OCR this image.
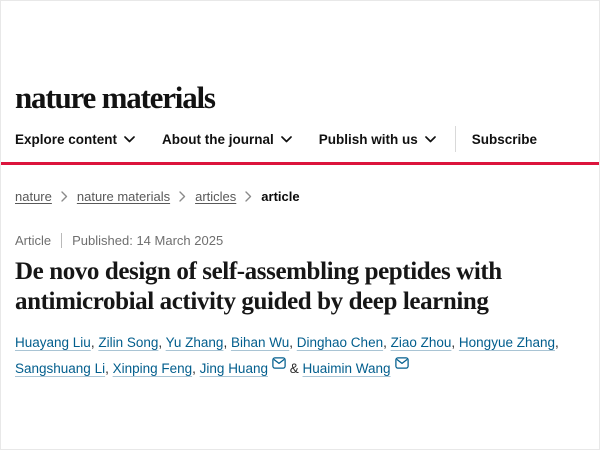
nature materials
Explore content	About the journal	Publish with us	Subscribe
nature nature materials articles article
Article Published: 14 March 2025
De novo design of self-assembling peptides with antimicrobial activity guided by deep learning
Huayang Liu, Zilin Song, Yu Zhang, Bihan Wu, Dinghao Chen, Ziao Zhou, Hongyue Zhang, Sangshuang Li, Xinping Feng, Jing Huang & Huaimin Wang
